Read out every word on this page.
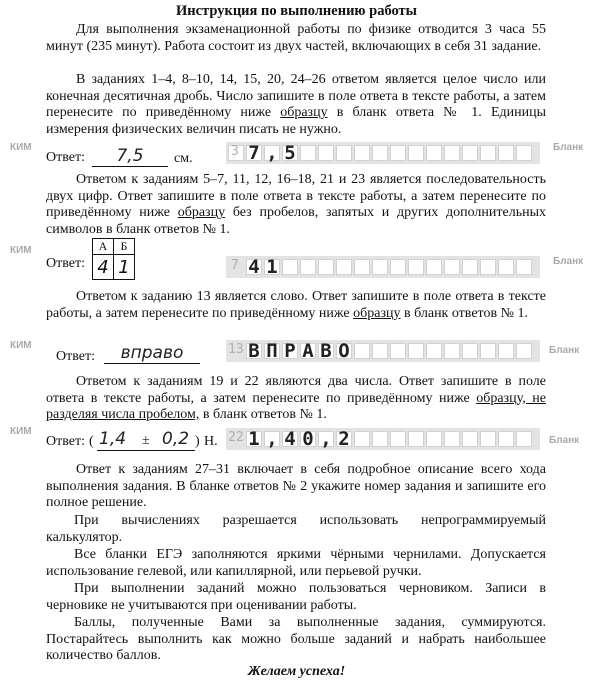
Инструкция по выполнению работы

Для выполнения экзаменационной работы по физике отводится 3 часа 55 минут (235 минут). Работа состоит из двух частей, включающих в себя 31 задание.

В заданиях 1–4, 8–10, 14, 15, 20, 24–26 ответом является целое число или конечная десятичная дробь. Число запишите в поле ответа в тексте работы, а затем перенесите по приведённому ниже образцу в бланк ответа № 1. Единицы измерения физических величин писать не нужно.

КИМ	Бланк
Ответ:	7,5	см.	3 7 , 5

Ответом к заданиям 5–7, 11, 12, 16–18, 21 и 23 является последовательность двух цифр. Ответ запишите в поле ответа в тексте работы, а затем перенесите по приведённому ниже образцу без пробелов, запятых и других дополнительных символов в бланк ответов № 1.

КИМ
Бланк
Ответ:
А	Б
4	1	7 4 1

Ответом к заданию 13 является слово. Ответ запишите в поле ответа в тексте работы, а затем перенесите по приведённому ниже образцу в бланк ответов № 1.

КИМ	Бланк
Ответ:	вправо	13 В П Р А В О

Ответом к заданиям 19 и 22 являются два числа. Ответ запишите в поле ответа в тексте работы, а затем перенесите по приведённому ниже образцу, не разделяя числа пробелом, в бланк ответов № 1.

КИМ
Бланк
Ответ: ( 1,4 ± 0,2 ) Н. 22 1 , 4 0 , 2

Ответ к заданиям 27–31 включает в себя подробное описание всего хода выполнения задания. В бланке ответов № 2 укажите номер задания и запишите его полное решение.

При вычислениях разрешается использовать непрограммируемый калькулятор.

Все бланки ЕГЭ заполняются яркими чёрными чернилами. Допускается использование гелевой, или капиллярной, или перьевой ручки.

При выполнении заданий можно пользоваться черновиком. Записи в черновике не учитываются при оценивании работы.

Баллы, полученные Вами за выполненные задания, суммируются. Постарайтесь выполнить как можно больше заданий и набрать наибольшее количество баллов.

Желаем успеха!
